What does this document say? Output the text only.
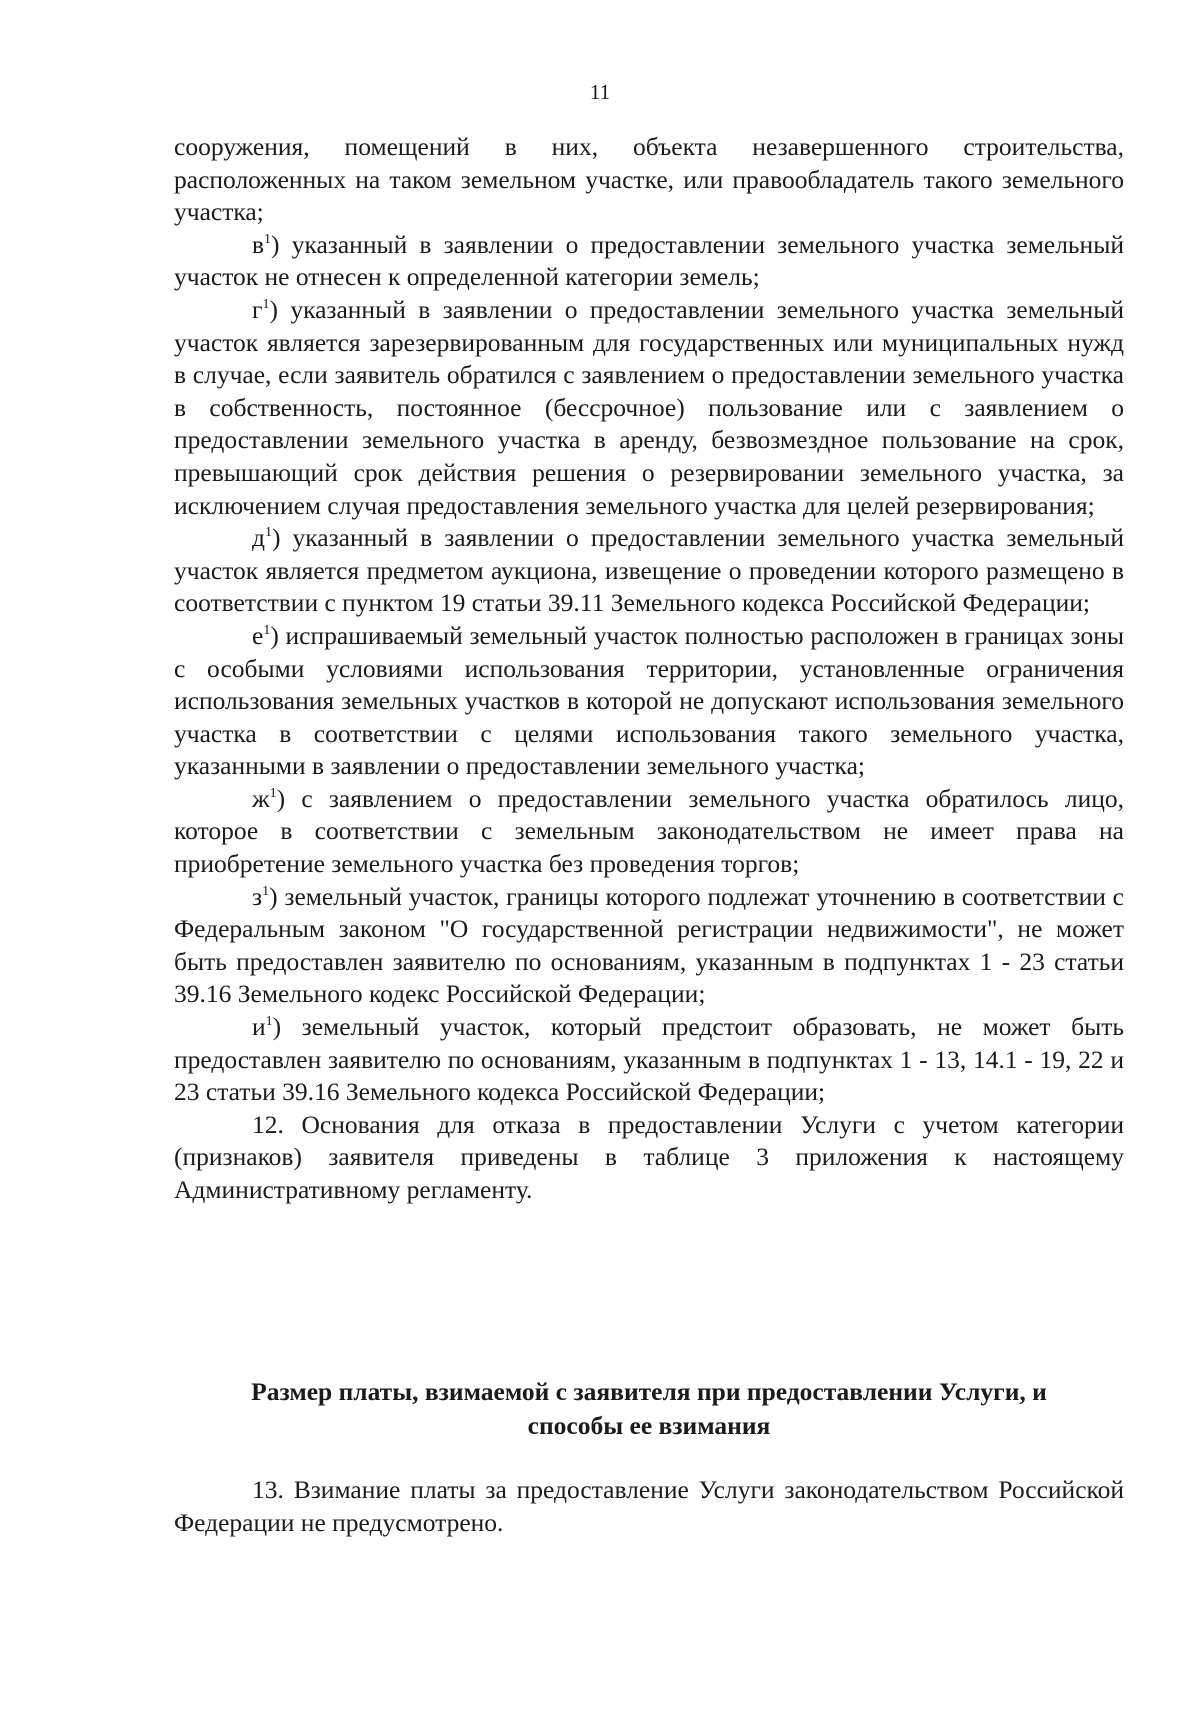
11

сооружения, помещений в них, объекта незавершенного строительства, расположенных на таком земельном участке, или правообладатель такого земельного участка;

$в^1$) указанный в заявлении о предоставлении земельного участка земельный участок не отнесен к определенной категории земель;

$г^1$) указанный в заявлении о предоставлении земельного участка земельный участок является зарезервированным для государственных или муниципальных нужд в случае, если заявитель обратился с заявлением о предоставлении земельного участка в собственность, постоянное (бессрочное) пользование или с заявлением о предоставлении земельного участка в аренду, безвозмездное пользование на срок, превышающий срок действия решения о резервировании земельного участка, за исключением случая предоставления земельного участка для целей резервирования;

$д^1$) указанный в заявлении о предоставлении земельного участка земельный участок является предметом аукциона, извещение о проведении которого размещено в соответствии с пунктом 19 статьи 39.11 Земельного кодекса Российской Федерации;

$е^1$) испрашиваемый земельный участок полностью расположен в границах зоны с особыми условиями использования территории, установленные ограничения использования земельных участков в которой не допускают использования земельного участка в соответствии с целями использования такого земельного участка, указанными в заявлении о предоставлении земельного участка;

$ж^1$) с заявлением о предоставлении земельного участка обратилось лицо, которое в соответствии с земельным законодательством не имеет права на приобретение земельного участка без проведения торгов;

$з^1$) земельный участок, границы которого подлежат уточнению в соответствии с Федеральным законом "О государственной регистрации недвижимости", не может быть предоставлен заявителю по основаниям, указанным в подпунктах 1 - 23 статьи 39.16 Земельного кодекс Российской Федерации;

$и^1$) земельный участок, который предстоит образовать, не может быть предоставлен заявителю по основаниям, указанным в подпунктах 1 - 13, 14.1 - 19, 22 и 23 статьи 39.16 Земельного кодекса Российской Федерации;

12. Основания для отказа в предоставлении Услуги с учетом категории (признаков) заявителя приведены в таблице 3 приложения к настоящему Административному регламенту.

Размер платы, взимаемой с заявителя при предоставлении Услуги, и
способы ее взимания

13. Взимание платы за предоставление Услуги законодательством Российской Федерации не предусмотрено.
